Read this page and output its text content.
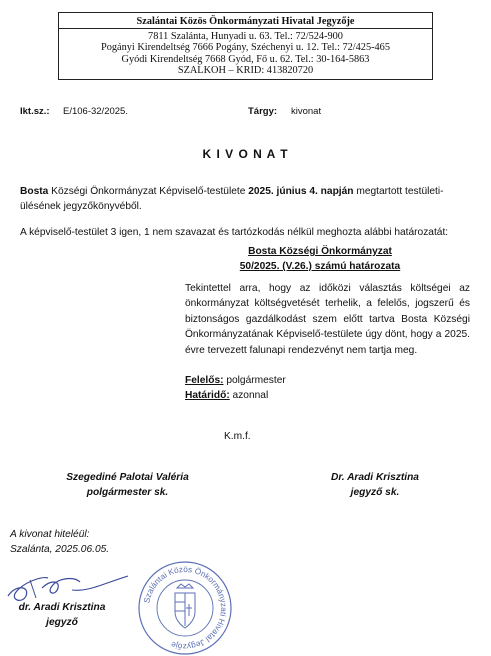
Szalántai Közös Önkormányzati Hivatal Jegyzője
7811 Szalánta, Hunyadi u. 63. Tel.: 72/524-900
Pogányi Kirendeltség 7666 Pogány, Széchenyi u. 12. Tel.: 72/425-465
Gyódi Kirendeltség 7668 Gyód, Fő u. 62. Tel.: 30-164-5863
SZALKOH – KRID: 413820720
Ikt.sz.: E/106-32/2025.	Tárgy: kivonat
K I V O N A T
Bosta Községi Önkormányzat Képviselő-testülete 2025. június 4. napján megtartott testületi-
ülésének jegyzőkönyvéből.
A képviselő-testület 3 igen, 1 nem szavazat és tartózkodás nélkül meghozta alábbi határozatát:
Bosta Községi Önkormányzat
50/2025. (V.26.) számú határozata
Tekintettel arra, hogy az időközi választás költségei az önkormányzat költségvetését terhelik, a felelős, jogszerű és biztonságos gazdálkodást szem előtt tartva Bosta Községi Önkormányzatának Képviselő-testülete úgy dönt, hogy a 2025. évre tervezett falunapi rendezvényt nem tartja meg.
Felelős: polgármester
Határidő: azonnal
K.m.f.
Szegediné Palotai Valéria
polgármester sk.
Dr. Aradi Krisztina
jegyző sk.
A kivonat hiteléül:
Szalánta, 2025.06.05.
dr. Aradi Krisztina
jegyző
Szalántai Közös Önkormányzati Hivatal Jegyzője
